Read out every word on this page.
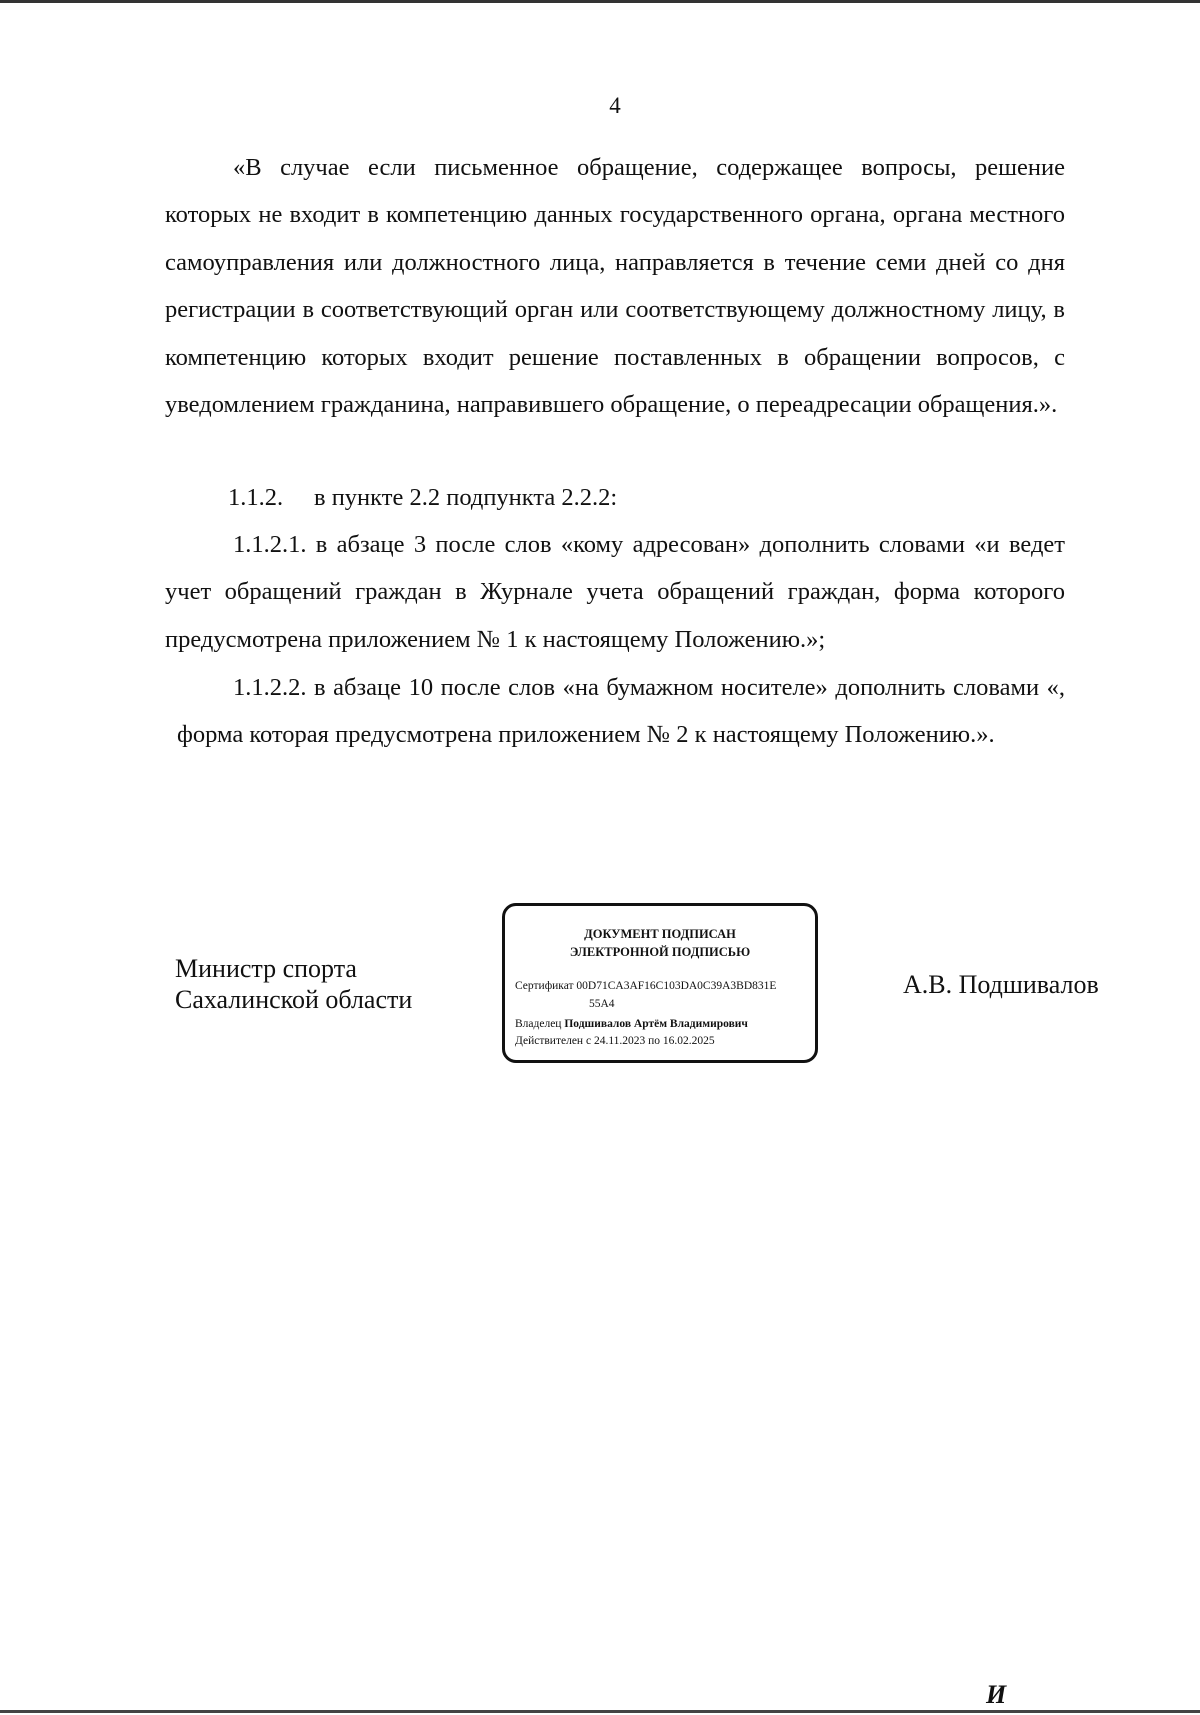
4

«В случае если письменное обращение, содержащее вопросы, решение которых не входит в компетенцию данных государственного органа, органа местного самоуправления или должностного лица, направляется в течение семи дней со дня регистрации в соответствующий орган или соответствующему должностному лицу, в компетенцию которых входит решение поставленных в обращении вопросов, с уведомлением гражданина, направившего обращение, о переадресации обращения.».

1.1.2. в пункте 2.2 подпункта 2.2.2:

1.1.2.1. в абзаце 3 после слов «кому адресован» дополнить словами «и ведет учет обращений граждан в Журнале учета обращений граждан, форма которого предусмотрена приложением № 1 к настоящему Положению.»;

1.1.2.2. в абзаце 10 после слов «на бумажном носителе» дополнить словами «, форма которая предусмотрена приложением № 2 к настоящему Положению.».

Министр спорта
Сахалинской области
ДОКУМЕНТ ПОДПИСАН
ЭЛЕКТРОННОЙ ПОДПИСЬЮ
Сертификат 00D71CA3AF16C103DA0C39A3BD831E
55A4
Владелец Подшивалов Артём Владимирович
Действителен с 24.11.2023 по 16.02.2025
А.В. Подшивалов
И
